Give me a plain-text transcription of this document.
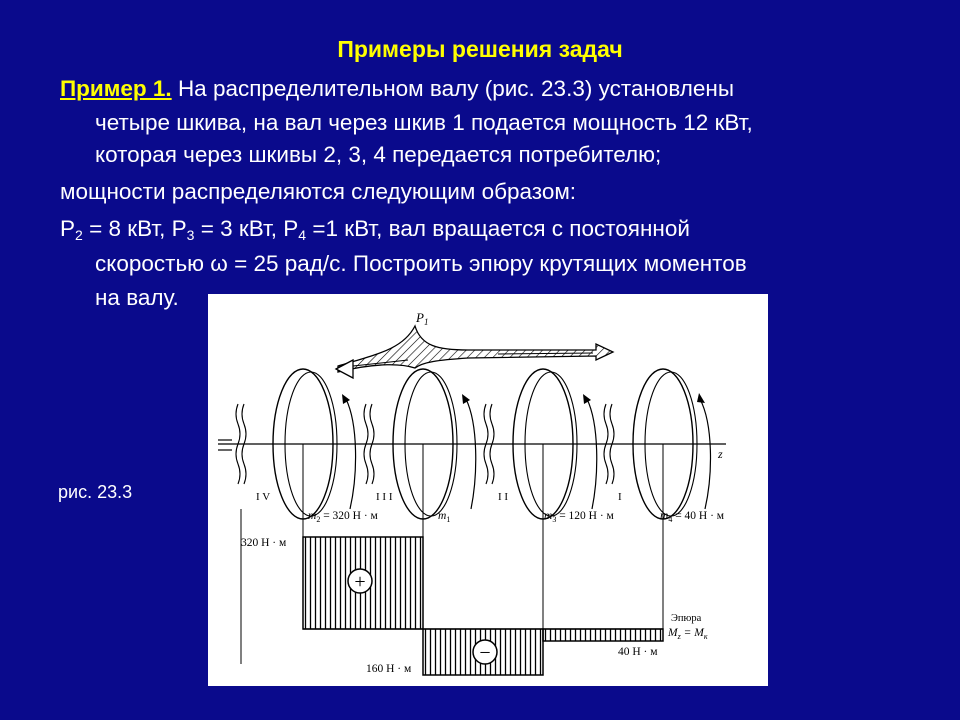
Примеры решения задач
Пример 1. На распределительном валу (рис. 23.3) установлены
четыре шкива, на вал через шкив 1 подается мощность 12 кВт,
которая через шкивы 2, 3, 4 передается потребителю;
мощности распределяются следующим образом:
$P_2 = 8$ кВт, $P_3 = 3$ кВт, $P_4 =1$ кВт, вал вращается с постоянной
скоростью ω = 25 рад/с. Построить эпюру крутящих моментов
на валу.
рис. 23.3
z
$P_1$
I V	I I I	I I	I
$m_2 = 320$ Н · м	$m_1$	$m_3 = 120$ Н · м	$m_4 = 40$ Н · м
+
−
320 Н · м
160 Н · м
40 Н · м
Эпюра
$M_z = M_к$
